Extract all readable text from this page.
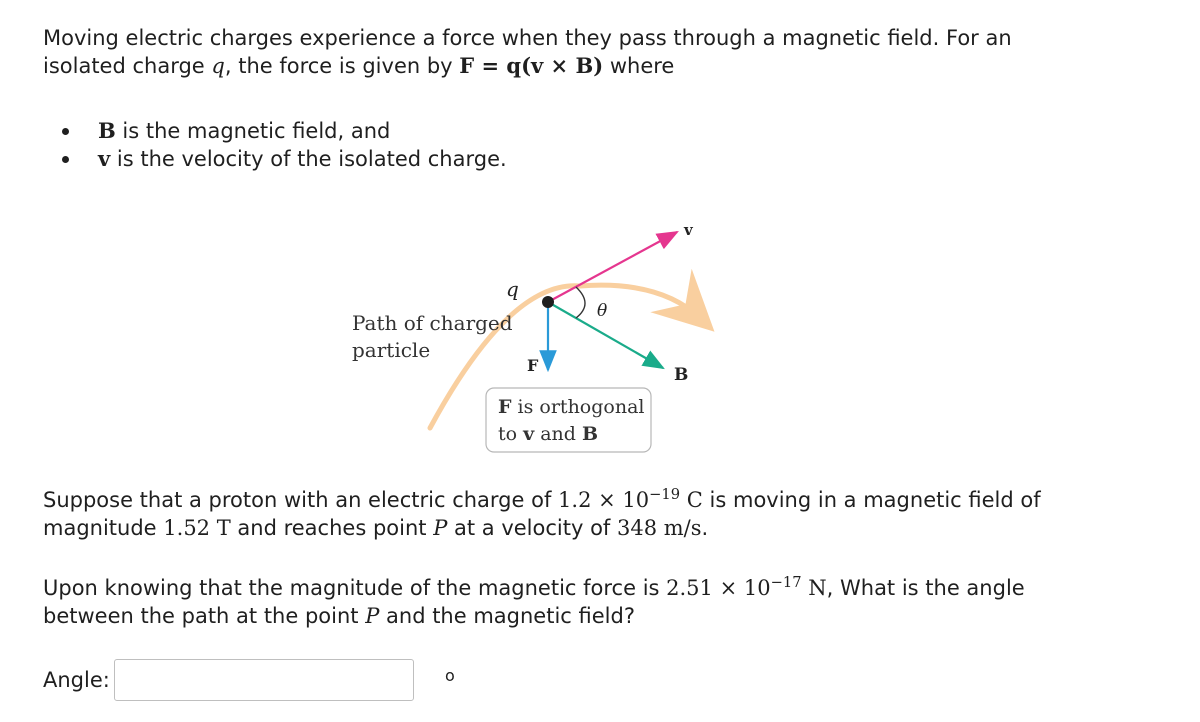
Moving electric charges experience a force when they pass through a magnetic field. For an
isolated charge q, the force is given by F = q(v × B) where

B is the magnetic field, and
v is the velocity of the isolated charge.
q
θ
v
B
F
Path of charged
particle
F is orthogonal
to v and B

Suppose that a proton with an electric charge of $1.2 \times 10^{-19}$ C is moving in a magnetic field of
magnitude 1.52 T and reaches point P at a velocity of 348 m/s.

Upon knowing that the magnitude of the magnetic force is $2.51 \times 10^{-17}$ N, What is the angle
between the path at the point P and the magnetic field?

Angle:	o
